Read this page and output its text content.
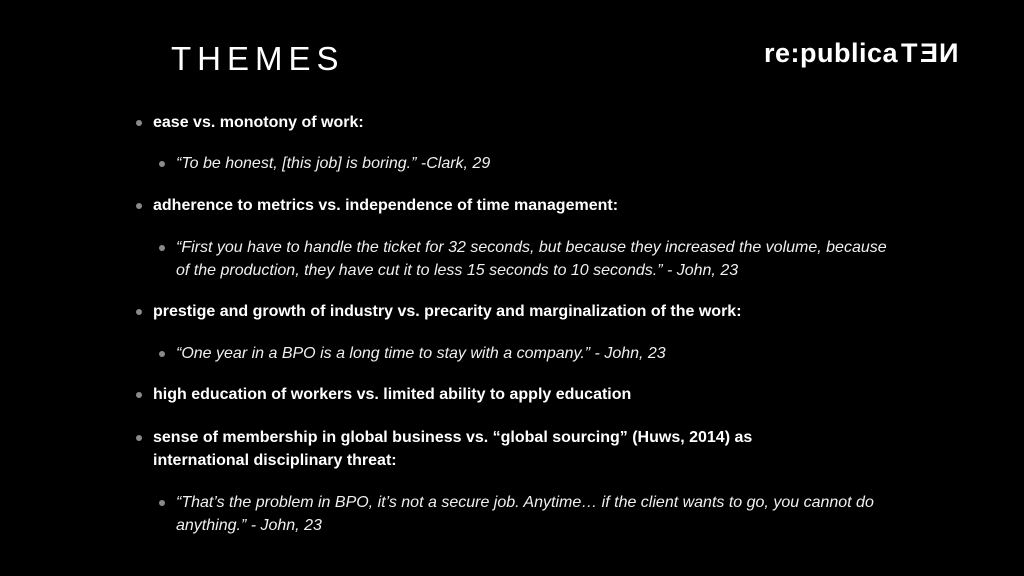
THEMES	re:publica TEN
ease vs. monotony of work:
“To be honest, [this job] is boring.” -Clark, 29
adherence to metrics vs. independence of time management:
“First you have to handle the ticket for 32 seconds, but because they increased the volume, because of the production, they have cut it to less 15 seconds to 10 seconds.” - John, 23
prestige and growth of industry vs. precarity and marginalization of the work:
“One year in a BPO is a long time to stay with a company.” - John, 23
high education of workers vs. limited ability to apply education
sense of membership in global business vs. “global sourcing” (Huws, 2014) as international disciplinary threat:
“That’s the problem in BPO, it’s not a secure job. Anytime… if the client wants to go, you cannot do anything.” - John, 23
